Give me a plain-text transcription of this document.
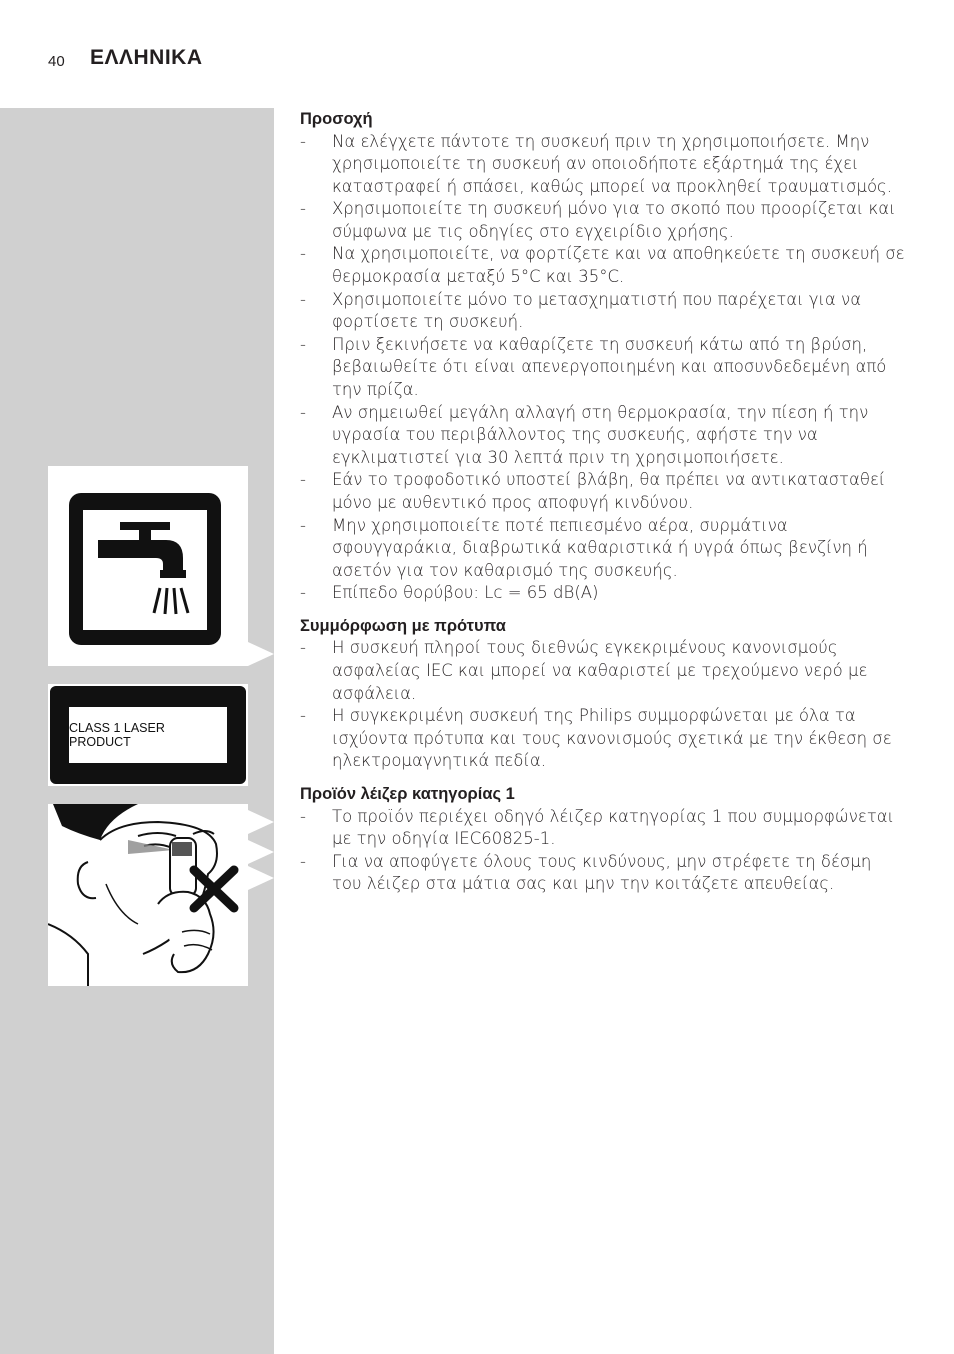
40 ΕΛΛΗΝΙΚΑ
CLASS 1 LASER PRODUCT
Προσοχή
- Να ελέγχετε πάντοτε τη συσκευή πριν τη χρησιμοποιήσετε. Μην χρησιμοποιείτε τη συσκευή αν οποιοδήποτε εξάρτημά της έχει καταστραφεί ή σπάσει, καθώς μπορεί να προκληθεί τραυματισμός.
- Χρησιμοποιείτε τη συσκευή μόνο για το σκοπό που προορίζεται και σύμφωνα με τις οδηγίες στο εγχειρίδιο χρήσης.
- Να χρησιμοποιείτε, να φορτίζετε και να αποθηκεύετε τη συσκευή σε θερμοκρασία μεταξύ 5°C και 35°C.
- Χρησιμοποιείτε μόνο το μετασχηματιστή που παρέχεται για να φορτίσετε τη συσκευή.
- Πριν ξεκινήσετε να καθαρίζετε τη συσκευή κάτω από τη βρύση, βεβαιωθείτε ότι είναι απενεργοποιημένη και αποσυνδεδεμένη από την πρίζα.
- Αν σημειωθεί μεγάλη αλλαγή στη θερμοκρασία, την πίεση ή την υγρασία του περιβάλλοντος της συσκευής, αφήστε την να εγκλιματιστεί για 30 λεπτά πριν τη χρησιμοποιήσετε.
- Εάν το τροφοδοτικό υποστεί βλάβη, θα πρέπει να αντικατασταθεί μόνο με αυθεντικό προς αποφυγή κινδύνου.
- Μην χρησιμοποιείτε ποτέ πεπιεσμένο αέρα, συρμάτινα σφουγγαράκια, διαβρωτικά καθαριστικά ή υγρά όπως βενζίνη ή ασετόν για τον καθαρισμό της συσκευής.
- Επίπεδο θορύβου: Lc = 65 dB(A)
Συμμόρφωση με πρότυπα
- Η συσκευή πληροί τους διεθνώς εγκεκριμένους κανονισμούς ασφαλείας IEC και μπορεί να καθαριστεί με τρεχούμενο νερό με ασφάλεια.
- Η συγκεκριμένη συσκευή της Philips συμμορφώνεται με όλα τα ισχύοντα πρότυπα και τους κανονισμούς σχετικά με την έκθεση σε ηλεκτρομαγνητικά πεδία.
Προϊόν λέιζερ κατηγορίας 1
- Το προϊόν περιέχει οδηγό λέιζερ κατηγορίας 1 που συμμορφώνεται με την οδηγία IEC60825-1.
- Για να αποφύγετε όλους τους κινδύνους, μην στρέφετε τη δέσμη του λέιζερ στα μάτια σας και μην την κοιτάζετε απευθείας.
